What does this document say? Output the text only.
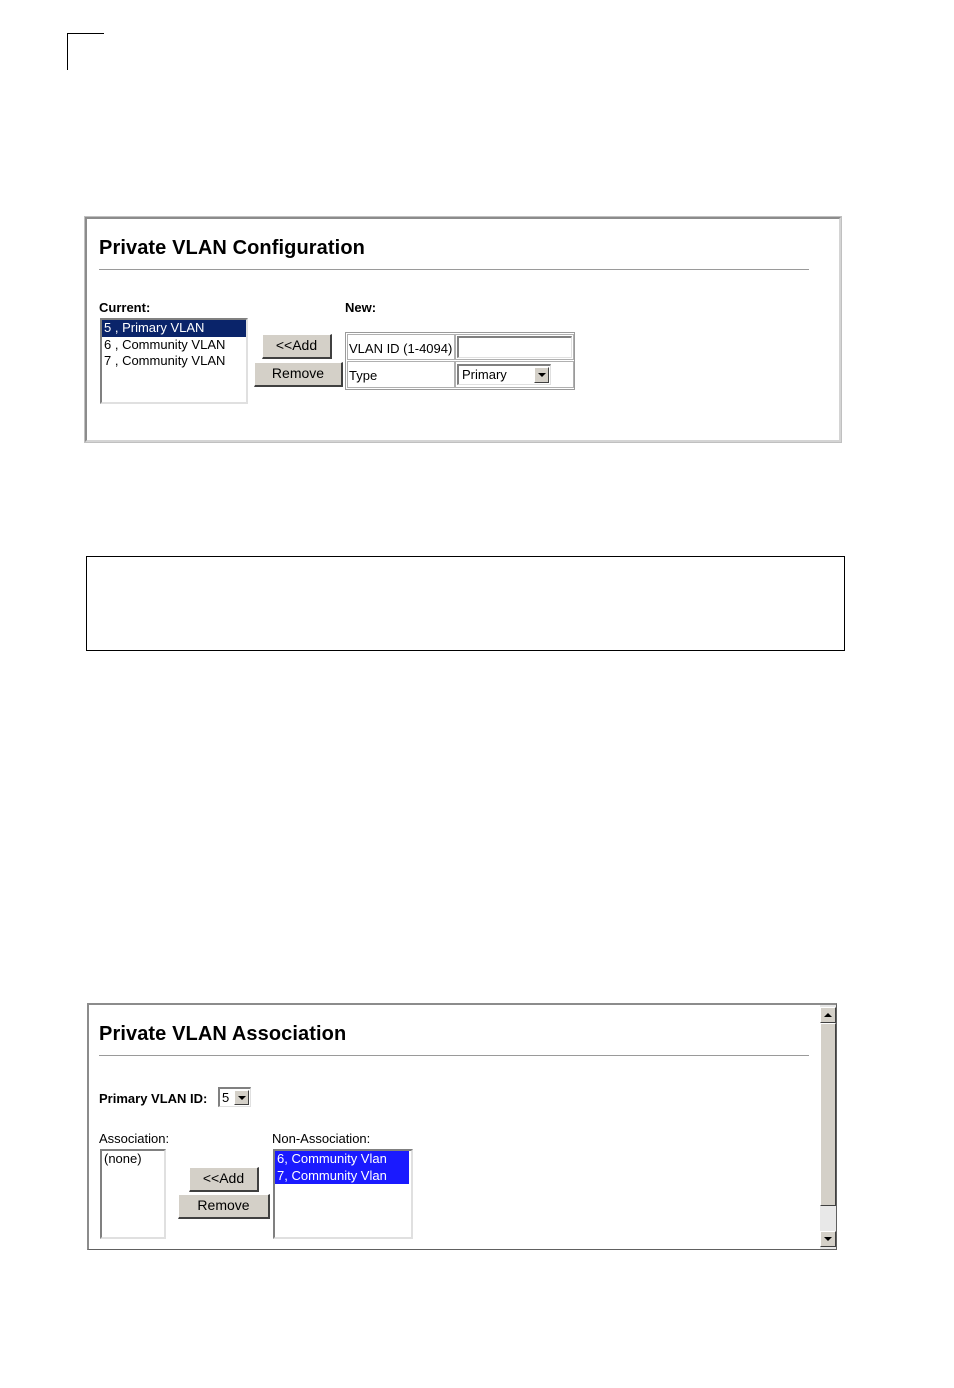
Private VLAN Configuration
Current:	New:
5 , Primary VLAN
6 , Community VLAN
7 , Community VLAN
<<Add
Remove
VLAN ID (1-4094)
Type	Primary
Private VLAN Association
Primary VLAN ID: 5
Association:	Non-Association:
(none)
<<Add
Remove
6, Community Vlan
7, Community Vlan
